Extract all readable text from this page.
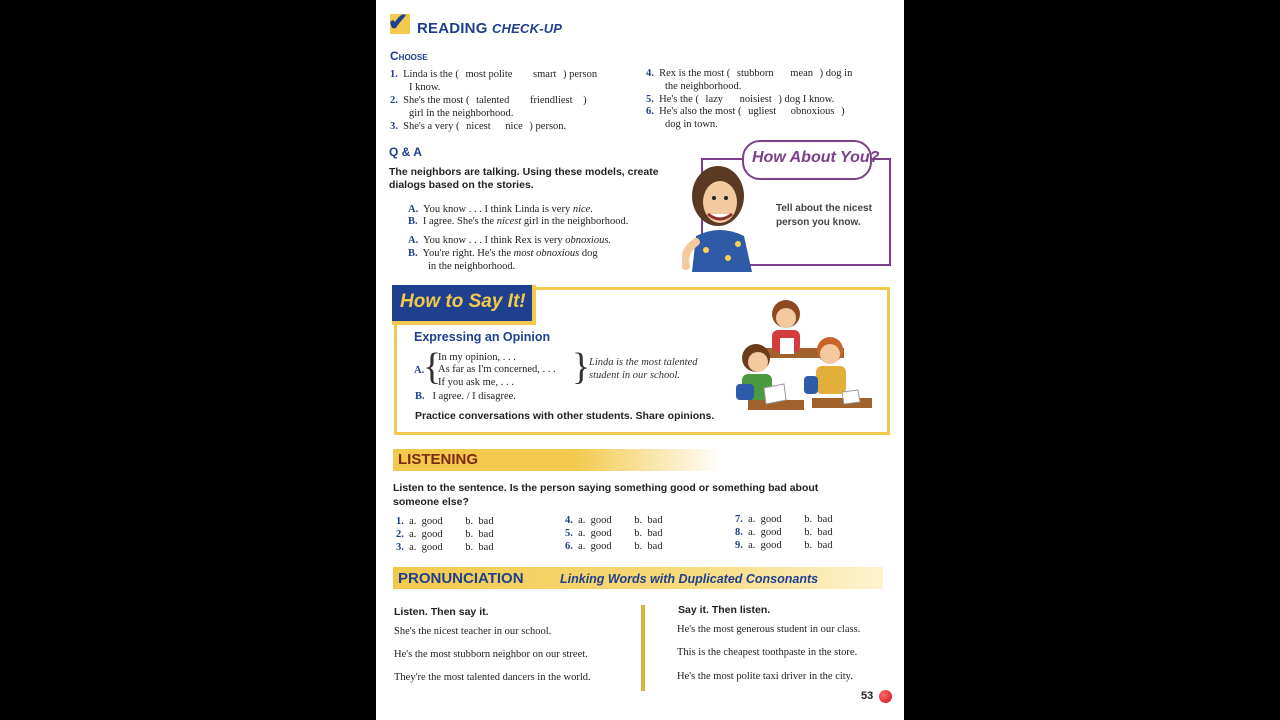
✔ READING CHECK-UP
Choose
1. Linda is the ( most polite smart ) person
I know.
2. She's the most ( talented friendliest )
girl in the neighborhood.
3. She's a very ( nicest nice ) person.
4. Rex is the most ( stubborn mean ) dog in
the neighborhood.
5. He's the ( lazy noisiest ) dog I know.
6. He's also the most ( ugliest obnoxious )
dog in town.
Q & A
The neighbors are talking. Using these models, create dialogs based on the stories.
A. You know . . . I think Linda is very nice.
B. I agree. She's the nicest girl in the neighborhood.
A. You know . . . I think Rex is very obnoxious.
B. You're right. He's the most obnoxious dog
in the neighborhood.
How About You?
Tell about the nicest person you know.
How to Say It!
Expressing an Opinion
A.
{
In my opinion, . . .
As far as I'm concerned, . . .
If you ask me, . . . }
Linda is the most talented student in our school.
B. I agree. / I disagree.
Practice conversations with other students. Share opinions.
LISTENING
Listen to the sentence. Is the person saying something good or something bad about someone else?
1. a. good b. bad
2. a. good b. bad
3. a. good b. bad
4. a. good b. bad
5. a. good b. bad
6. a. good b. bad
7. a. good b. bad
8. a. good b. bad
9. a. good b. bad
PRONUNCIATION	Linking Words with Duplicated Consonants
Listen. Then say it.
She's the nicest teacher in our school.
He's the most stubborn neighbor on our street.
They're the most talented dancers in the world.
Say it. Then listen.
He's the most generous student in our class.
This is the cheapest toothpaste in the store.
He's the most polite taxi driver in the city.
53
